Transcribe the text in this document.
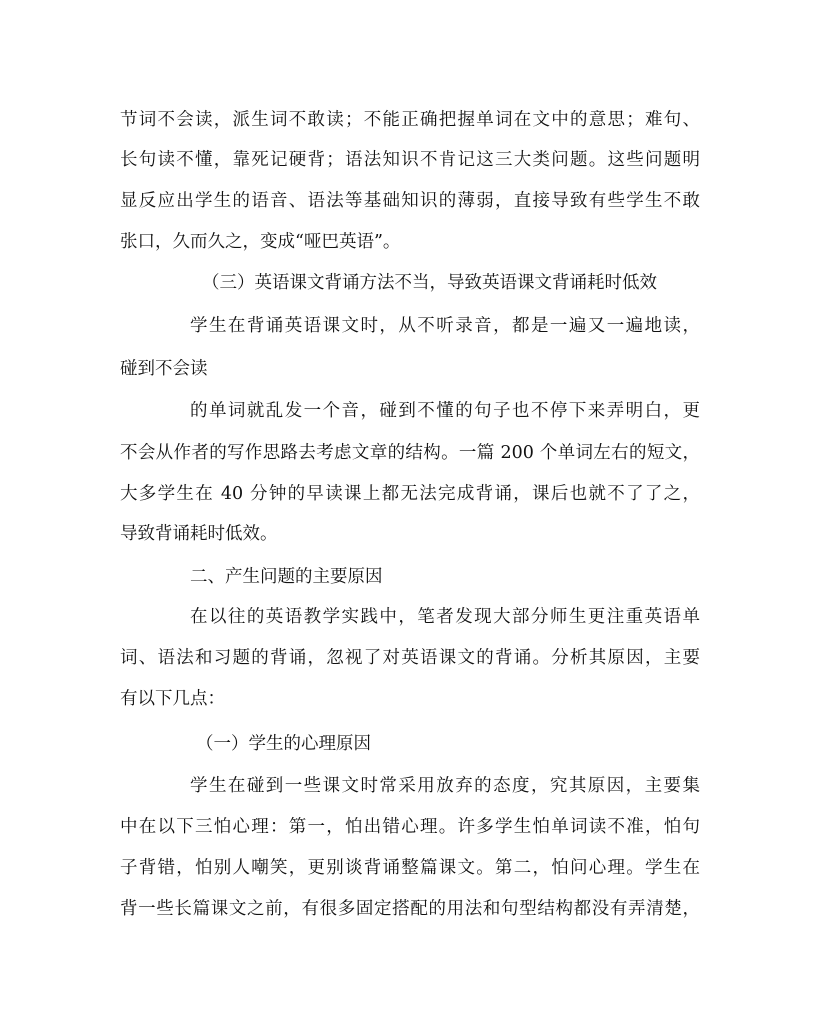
节词不会读，派生词不敢读；不能正确把握单词在文中的意思；难句、
长句读不懂，靠死记硬背；语法知识不肯记这三大类问题。这些问题明
显反应出学生的语音、语法等基础知识的薄弱，直接导致有些学生不敢
张口，久而久之，变成“哑巴英语”。
（三）英语课文背诵方法不当，导致英语课文背诵耗时低效
学生在背诵英语课文时，从不听录音，都是一遍又一遍地读，
碰到不会读
的单词就乱发一个音，碰到不懂的句子也不停下来弄明白，更
不会从作者的写作思路去考虑文章的结构。一篇 200 个单词左右的短文，
大多学生在 40 分钟的早读课上都无法完成背诵，课后也就不了了之，
导致背诵耗时低效。
二、产生问题的主要原因
在以往的英语教学实践中，笔者发现大部分师生更注重英语单
词、语法和习题的背诵，忽视了对英语课文的背诵。分析其原因，主要
有以下几点：
（一）学生的心理原因
学生在碰到一些课文时常采用放弃的态度，究其原因，主要集
中在以下三怕心理：第一，怕出错心理。许多学生怕单词读不准，怕句
子背错，怕别人嘲笑，更别谈背诵整篇课文。第二，怕问心理。学生在
背一些长篇课文之前，有很多固定搭配的用法和句型结构都没有弄清楚，
